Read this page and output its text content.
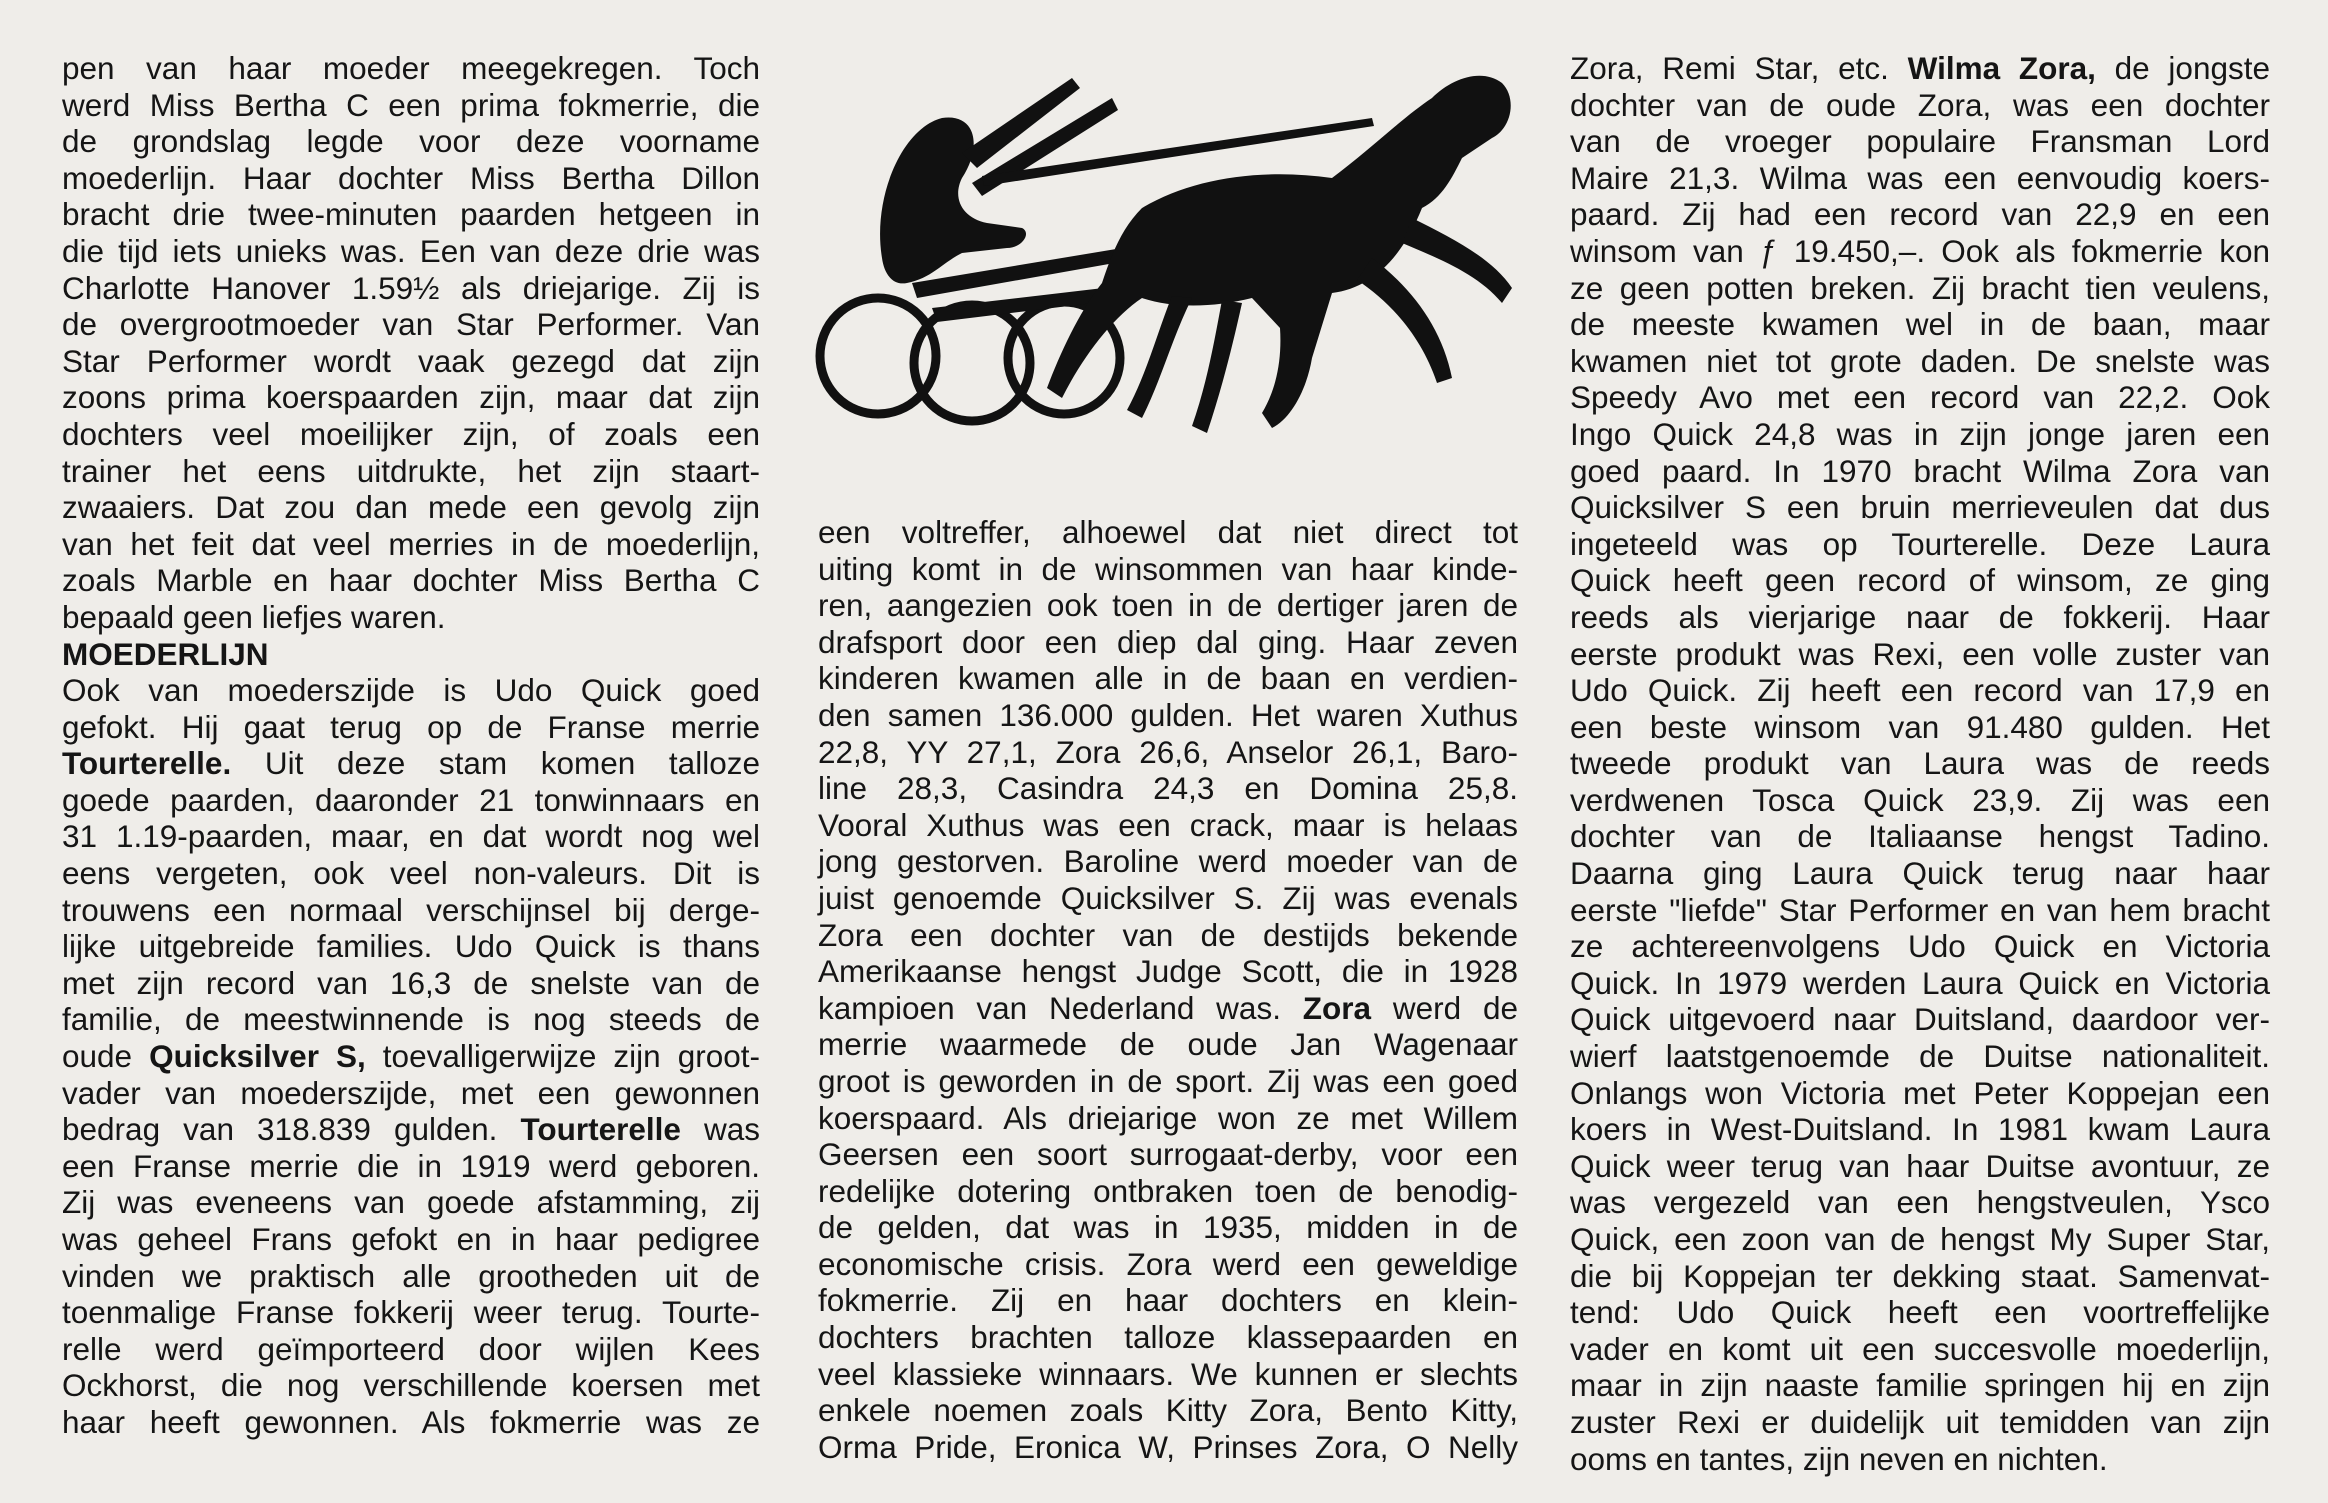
pen van haar moeder meegekregen. Toch

werd Miss Bertha C een prima fokmerrie, die

de grondslag legde voor deze voorname

moederlijn. Haar dochter Miss Bertha Dillon

bracht drie twee-minuten paarden hetgeen in

die tijd iets unieks was. Een van deze drie was

Charlotte Hanover 1.59½ als driejarige. Zij is

de overgrootmoeder van Star Performer. Van

Star Performer wordt vaak gezegd dat zijn

zoons prima koerspaarden zijn, maar dat zijn

dochters veel moeilijker zijn, of zoals een

trainer het eens uitdrukte, het zijn staart-

zwaaiers. Dat zou dan mede een gevolg zijn

van het feit dat veel merries in de moederlijn,

zoals Marble en haar dochter Miss Bertha C

bepaald geen liefjes waren.

MOEDERLIJN

Ook van moederszijde is Udo Quick goed

gefokt. Hij gaat terug op de Franse merrie

Tourterelle. Uit deze stam komen talloze

goede paarden, daaronder 21 tonwinnaars en

31 1.19-paarden, maar, en dat wordt nog wel

eens vergeten, ook veel non-valeurs. Dit is

trouwens een normaal verschijnsel bij derge-

lijke uitgebreide families. Udo Quick is thans

met zijn record van 16,3 de snelste van de

familie, de meestwinnende is nog steeds de

oude Quicksilver S, toevalligerwijze zijn groot-

vader van moederszijde, met een gewonnen

bedrag van 318.839 gulden. Tourterelle was

een Franse merrie die in 1919 werd geboren.

Zij was eveneens van goede afstamming, zij

was geheel Frans gefokt en in haar pedigree

vinden we praktisch alle grootheden uit de

toenmalige Franse fokkerij weer terug. Tourte-

relle werd geïmporteerd door wijlen Kees

Ockhorst, die nog verschillende koersen met

haar heeft gewonnen. Als fokmerrie was ze

een voltreffer, alhoewel dat niet direct tot

uiting komt in de winsommen van haar kinde-

ren, aangezien ook toen in de dertiger jaren de

drafsport door een diep dal ging. Haar zeven

kinderen kwamen alle in de baan en verdien-

den samen 136.000 gulden. Het waren Xuthus

22,8, YY 27,1, Zora 26,6, Anselor 26,1, Baro-

line 28,3, Casindra 24,3 en Domina 25,8.

Vooral Xuthus was een crack, maar is helaas

jong gestorven. Baroline werd moeder van de

juist genoemde Quicksilver S. Zij was evenals

Zora een dochter van de destijds bekende

Amerikaanse hengst Judge Scott, die in 1928

kampioen van Nederland was. Zora werd de

merrie waarmede de oude Jan Wagenaar

groot is geworden in de sport. Zij was een goed

koerspaard. Als driejarige won ze met Willem

Geersen een soort surrogaat-derby, voor een

redelijke dotering ontbraken toen de benodig-

de gelden, dat was in 1935, midden in de

economische crisis. Zora werd een geweldige

fokmerrie. Zij en haar dochters en klein-

dochters brachten talloze klassepaarden en

veel klassieke winnaars. We kunnen er slechts

enkele noemen zoals Kitty Zora, Bento Kitty,

Orma Pride, Eronica W, Prinses Zora, O Nelly

Zora, Remi Star, etc. Wilma Zora, de jongste

dochter van de oude Zora, was een dochter

van de vroeger populaire Fransman Lord

Maire 21,3. Wilma was een eenvoudig koers-

paard. Zij had een record van 22,9 en een

winsom van ƒ 19.450,–. Ook als fokmerrie kon

ze geen potten breken. Zij bracht tien veulens,

de meeste kwamen wel in de baan, maar

kwamen niet tot grote daden. De snelste was

Speedy Avo met een record van 22,2. Ook

Ingo Quick 24,8 was in zijn jonge jaren een

goed paard. In 1970 bracht Wilma Zora van

Quicksilver S een bruin merrieveulen dat dus

ingeteeld was op Tourterelle. Deze Laura

Quick heeft geen record of winsom, ze ging

reeds als vierjarige naar de fokkerij. Haar

eerste produkt was Rexi, een volle zuster van

Udo Quick. Zij heeft een record van 17,9 en

een beste winsom van 91.480 gulden. Het

tweede produkt van Laura was de reeds

verdwenen Tosca Quick 23,9. Zij was een

dochter van de Italiaanse hengst Tadino.

Daarna ging Laura Quick terug naar haar

eerste "liefde" Star Performer en van hem bracht

ze achtereenvolgens Udo Quick en Victoria

Quick. In 1979 werden Laura Quick en Victoria

Quick uitgevoerd naar Duitsland, daardoor ver-

wierf laatstgenoemde de Duitse nationaliteit.

Onlangs won Victoria met Peter Koppejan een

koers in West-Duitsland. In 1981 kwam Laura

Quick weer terug van haar Duitse avontuur, ze

was vergezeld van een hengstveulen, Ysco

Quick, een zoon van de hengst My Super Star,

die bij Koppejan ter dekking staat. Samenvat-

tend: Udo Quick heeft een voortreffelijke

vader en komt uit een succesvolle moederlijn,

maar in zijn naaste familie springen hij en zijn

zuster Rexi er duidelijk uit temidden van zijn

ooms en tantes, zijn neven en nichten.
